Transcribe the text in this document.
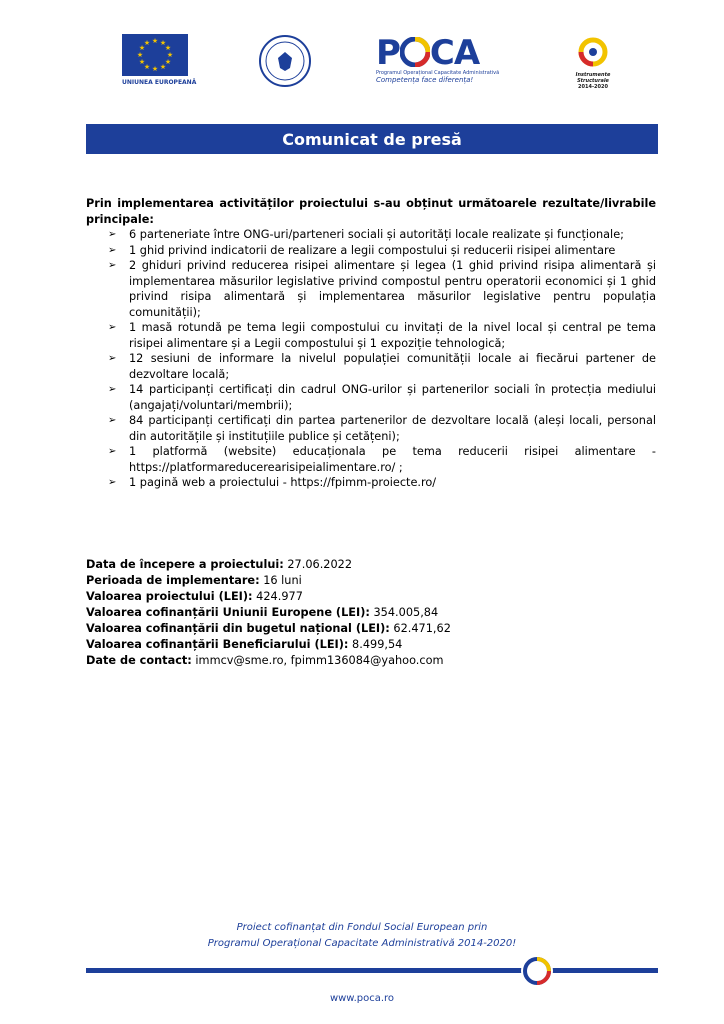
★ ★
★
★
★
★
★
★
★
★
★
★
UNIUNEA EUROPEANĂ
P CA
Programul Operațional Capacitate Administrativă
Competența face diferența!
Instrumente Structurale
2014-2020
Comunicat de presă

Prin implementarea activităților proiectului s-au obținut următoarele rezultate/livrabile principale:

➢ 6 parteneriate între ONG-uri/parteneri sociali și autorități locale realizate și funcționale;
➢ 1 ghid privind indicatorii de realizare a legii compostului și reducerii risipei alimentare
➢ 2 ghiduri privind reducerea risipei alimentare și legea (1 ghid privind risipa alimentară și implementarea măsurilor legislative privind compostul pentru operatorii economici și 1 ghid privind risipa alimentară și implementarea măsurilor legislative pentru populația comunității);
➢ 1 masă rotundă pe tema legii compostului cu invitați de la nivel local și central pe tema risipei alimentare și a Legii compostului și 1 expoziție tehnologică;
➢ 12 sesiuni de informare la nivelul populației comunității locale ai fiecărui partener de dezvoltare locală;
➢ 14 participanți certificați din cadrul ONG-urilor și partenerilor sociali în protecția mediului (angajați/voluntari/membrii);
➢ 84 participanți certificați din partea partenerilor de dezvoltare locală (aleși locali, personal din autoritățile și instituțiile publice și cetățeni);
➢ 1 platformă (website) educaționala pe tema reducerii risipei alimentare - https://platformareducerearisipeialimentare.ro/ ;
➢ 1 pagină web a proiectului - https://fpimm-proiecte.ro/
Data de începere a proiectului: 27.06.2022
Perioada de implementare: 16 luni
Valoarea proiectului (LEI): 424.977
Valoarea cofinanțării Uniunii Europene (LEI): 354.005,84
Valoarea cofinanțării din bugetul național (LEI): 62.471,62
Valoarea cofinanțării Beneficiarului (LEI): 8.499,54
Date de contact: immcv@sme.ro, fpimm136084@yahoo.com
Proiect cofinanțat din Fondul Social European prin
Programul Operațional Capacitate Administrativă 2014-2020!
www.poca.ro
